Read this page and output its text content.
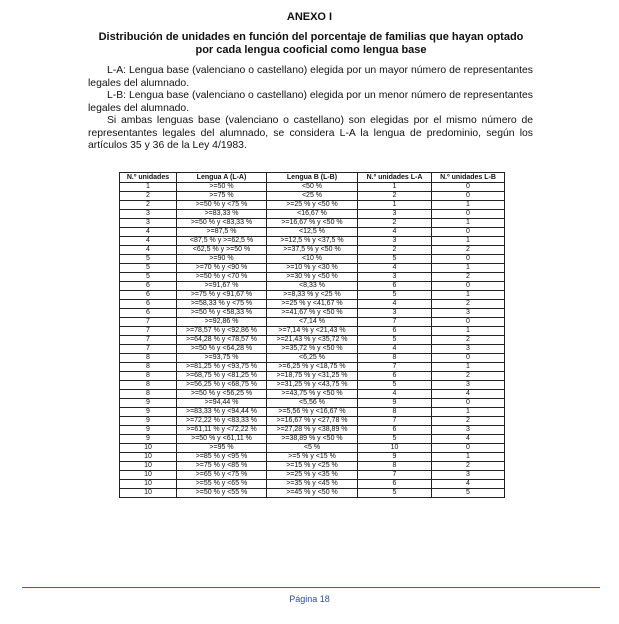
ANEXO I
Distribución de unidades en función del porcentaje de familias que hayan optado por cada lengua cooficial como lengua base
L-A: Lengua base (valenciano o castellano) elegida por un mayor número de representantes legales del alumnado.
L-B: Lengua base (valenciano o castellano) elegida por un menor número de representantes legales del alumnado.
Si ambas lenguas base (valenciano o castellano) son elegidas por el mismo número de representantes legales del alumnado, se considera L-A la lengua de predominio, según los artículos 35 y 36 de la Ley 4/1983.
N.º unidades	Lengua A (L-A)	Lengua B (L-B)	N.º unidades L-A	N.º unidades L-B
1	>=50 %	<50 %	1	0
2	>=75 %	<25 %	2	0
2	>=50 % y <75 %	>=25 % y <50 %	1	1
3	>=83,33 %	<16,67 %	3	0
3	>=50 % y <83,33 %	>=16,67 % y <50 %	2	1
4	>=87,5 %	<12,5 %	4	0
4	<87,5 % y >=62,5 %	>=12,5 % y <37,5 %	3	1
4	<62,5 % y >=50 %	>=37,5 % y <50 %	2	2
5	>=90 %	<10 %	5	0
5	>=70 % y <90 %	>=10 % y <30 %	4	1
5	>=50 % y <70 %	>=30 % y <50 %	3	2
6	>=91,67 %	<8,33 %	6	0
6	>=75 % y <91,67 %	>=8,33 % y <25 %	5	1
6	>=58,33 % y <75 %	>=25 % y <41,67 %	4	2
6	>=50 % y <58,33 %	>=41,67 % y <50 %	3	3
7	>=92,86 %	<7,14 %	7	0
7	>=78,57 % y <92,86 %	>=7,14 % y <21,43 %	6	1
7	>=64,28 % y <78,57 %	>=21,43 % y <35,72 %	5	2
7	>=50 % y <64,28 %	>=35,72 % y <50 %	4	3
8	>=93,75 %	<6,25 %	8	0
8	>=81,25 % y <93,75 %	>=6,25 % y <18,75 %	7	1
8	>=68,75 % y <81,25 %	>=18,75 % y <31,25 %	6	2
8	>=56,25 % y <68,75 %	>=31,25 % y <43,75 %	5	3
8	>=50 % y <56,25 %	>=43,75 % y <50 %	4	4
9	>=94,44 %	<5,56 %	9	0
9	>=83,33 % y <94,44 %	>=5,56 % y <16,67 %	8	1
9	>=72,22 % y <83,33 %	>=16,67 % y <27,78 %	7	2
9	>=61,11 % y <72,22 %	>=27,28 % y <38,89 %	6	3
9	>=50 % y <61,11 %	>=38,89 % y <50 %	5	4
10	>=95 %	<5 %	10	0
10	>=85 % y <95 %	>=5 % y <15 %	9	1
10	>=75 % y <85 %	>=15 % y <25 %	8	2
10	>=65 % y <75 %	>=25 % y <35 %	7	3
10	>=55 % y <65 %	>=35 % y <45 %	6	4
10	>=50 % y <55 %	>=45 % y <50 %	5	5
Página 18
